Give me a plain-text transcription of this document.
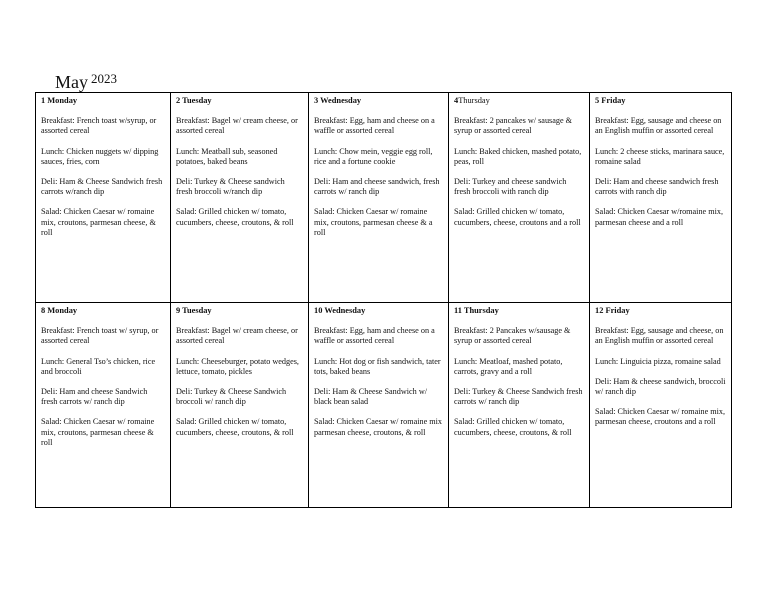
May $^{2023}$
1 Monday
Breakfast: French toast w/syrup, or assorted cereal
Lunch: Chicken nuggets w/ dipping sauces, fries, corn
Deli: Ham & Cheese Sandwich fresh carrots w/ranch dip
Salad: Chicken Caesar w/ romaine mix, croutons, parmesan cheese, & roll
2 Tuesday
Breakfast: Bagel w/ cream cheese, or assorted cereal
Lunch: Meatball sub, seasoned potatoes, baked beans
Deli: Turkey & Cheese sandwich fresh broccoli w/ranch dip
Salad: Grilled chicken w/ tomato, cucumbers, cheese, croutons, & roll
3 Wednesday
Breakfast: Egg, ham and cheese on a waffle or assorted cereal
Lunch: Chow mein, veggie egg roll, rice and a fortune cookie
Deli: Ham and cheese sandwich, fresh carrots w/ ranch dip
Salad: Chicken Caesar w/ romaine mix, croutons, parmesan cheese & a roll
4Thursday
Breakfast: 2 pancakes w/ sausage & syrup or assorted cereal
Lunch: Baked chicken, mashed potato, peas, roll
Deli: Turkey and cheese sandwich fresh broccoli with ranch dip
Salad: Grilled chicken w/ tomato, cucumbers, cheese, croutons and a roll
5 Friday
Breakfast: Egg, sausage and cheese on an English muffin or assorted cereal
Lunch: 2 cheese sticks, marinara sauce, romaine salad
Deli: Ham and cheese sandwich fresh carrots with ranch dip
Salad: Chicken Caesar w/romaine mix, parmesan cheese and a roll
8 Monday
Breakfast: French toast w/ syrup, or assorted cereal
Lunch: General Tso’s chicken, rice and broccoli
Deli: Ham and cheese Sandwich fresh carrots w/ ranch dip
Salad: Chicken Caesar w/ romaine mix, croutons, parmesan cheese & roll
9 Tuesday
Breakfast: Bagel w/ cream cheese, or assorted cereal
Lunch: Cheeseburger, potato wedges, lettuce, tomato, pickles
Deli: Turkey & Cheese Sandwich broccoli w/ ranch dip
Salad: Grilled chicken w/ tomato, cucumbers, cheese, croutons, & roll
10 Wednesday
Breakfast: Egg, ham and cheese on a waffle or assorted cereal
Lunch: Hot dog or fish sandwich, tater tots, baked beans
Deli: Ham & Cheese Sandwich w/ black bean salad
Salad: Chicken Caesar w/ romaine mix parmesan cheese, croutons, & roll
11 Thursday
Breakfast: 2 Pancakes w/sausage & syrup or assorted cereal
Lunch: Meatloaf, mashed potato, carrots, gravy and a roll
Deli: Turkey & Cheese Sandwich fresh carrots w/ ranch dip
Salad: Grilled chicken w/ tomato, cucumbers, cheese, croutons, & roll
12 Friday
Breakfast: Egg, sausage and cheese, on an English muffin or assorted cereal
Lunch: Linguicia pizza, romaine salad
Deli: Ham & cheese sandwich, broccoli w/ ranch dip
Salad: Chicken Caesar w/ romaine mix, parmesan cheese, croutons and a roll
